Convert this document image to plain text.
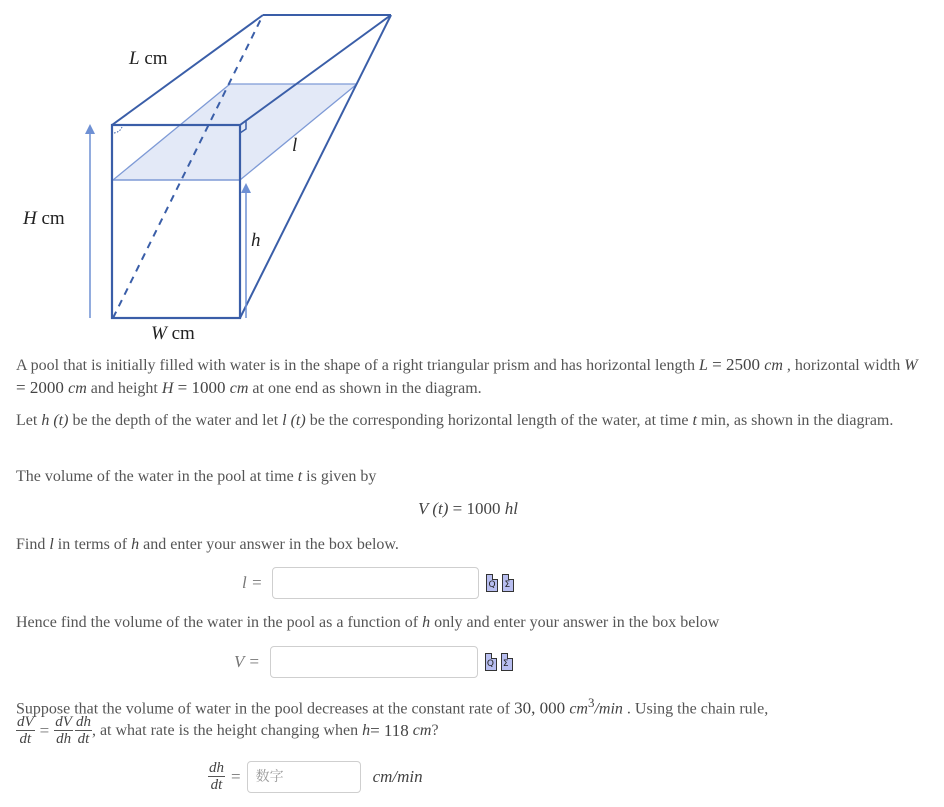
L cm
H cm
W cm
h
l
A pool that is initially filled with water is in the shape of a right triangular prism and has horizontal length L = 2500 cm , horizontal width W = 2000 cm and height H = 1000 cm at one end as shown in the diagram.
Let h (t) be the depth of the water and let l (t) be the corresponding horizontal length of the water, at time t min, as shown in the diagram.
The volume of the water in the pool at time t is given by
V (t) = 1000 hl
Find l in terms of h and enter your answer in the box below.
l =	Q Σ
Hence find the volume of the water in the pool as a function of h only and enter your answer in the box below
V =	Q Σ
Suppose that the volume of water in the pool decreases at the constant rate of 30, 000 $cm^3/\min$ . Using the chain rule,
$\frac{dV}{dt} = \frac{dV}{dh} \frac{dh}{dt}$ , at what rate is the height changing when h = 118 cm ?
$\frac{dh}{dt}$ =
数字	cm/min
